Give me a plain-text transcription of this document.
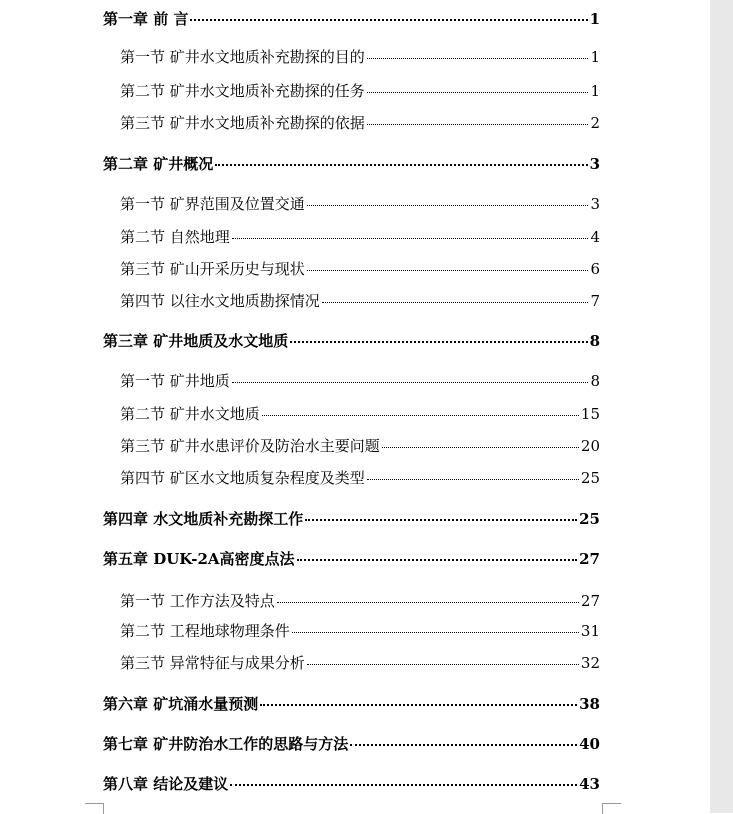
第一章 前 言	1
第一节 矿井水文地质补充勘探的目的	1
第二节 矿井水文地质补充勘探的任务	1
第三节 矿井水文地质补充勘探的依据	2
第二章 矿井概况	3
第一节 矿界范围及位置交通	3
第二节 自然地理	4
第三节 矿山开采历史与现状	6
第四节 以往水文地质勘探情况	7
第三章 矿井地质及水文地质	8
第一节 矿井地质	8
第二节 矿井水文地质	15
第三节 矿井水患评价及防治水主要问题	20
第四节 矿区水文地质复杂程度及类型	25
第四章 水文地质补充勘探工作	25
第五章 DUK-2A高密度点法	27
第一节 工作方法及特点	27
第二节 工程地球物理条件	31
第三节 异常特征与成果分析	32
第六章 矿坑涌水量预测	38
第七章 矿井防治水工作的思路与方法	40
第八章 结论及建议	43
